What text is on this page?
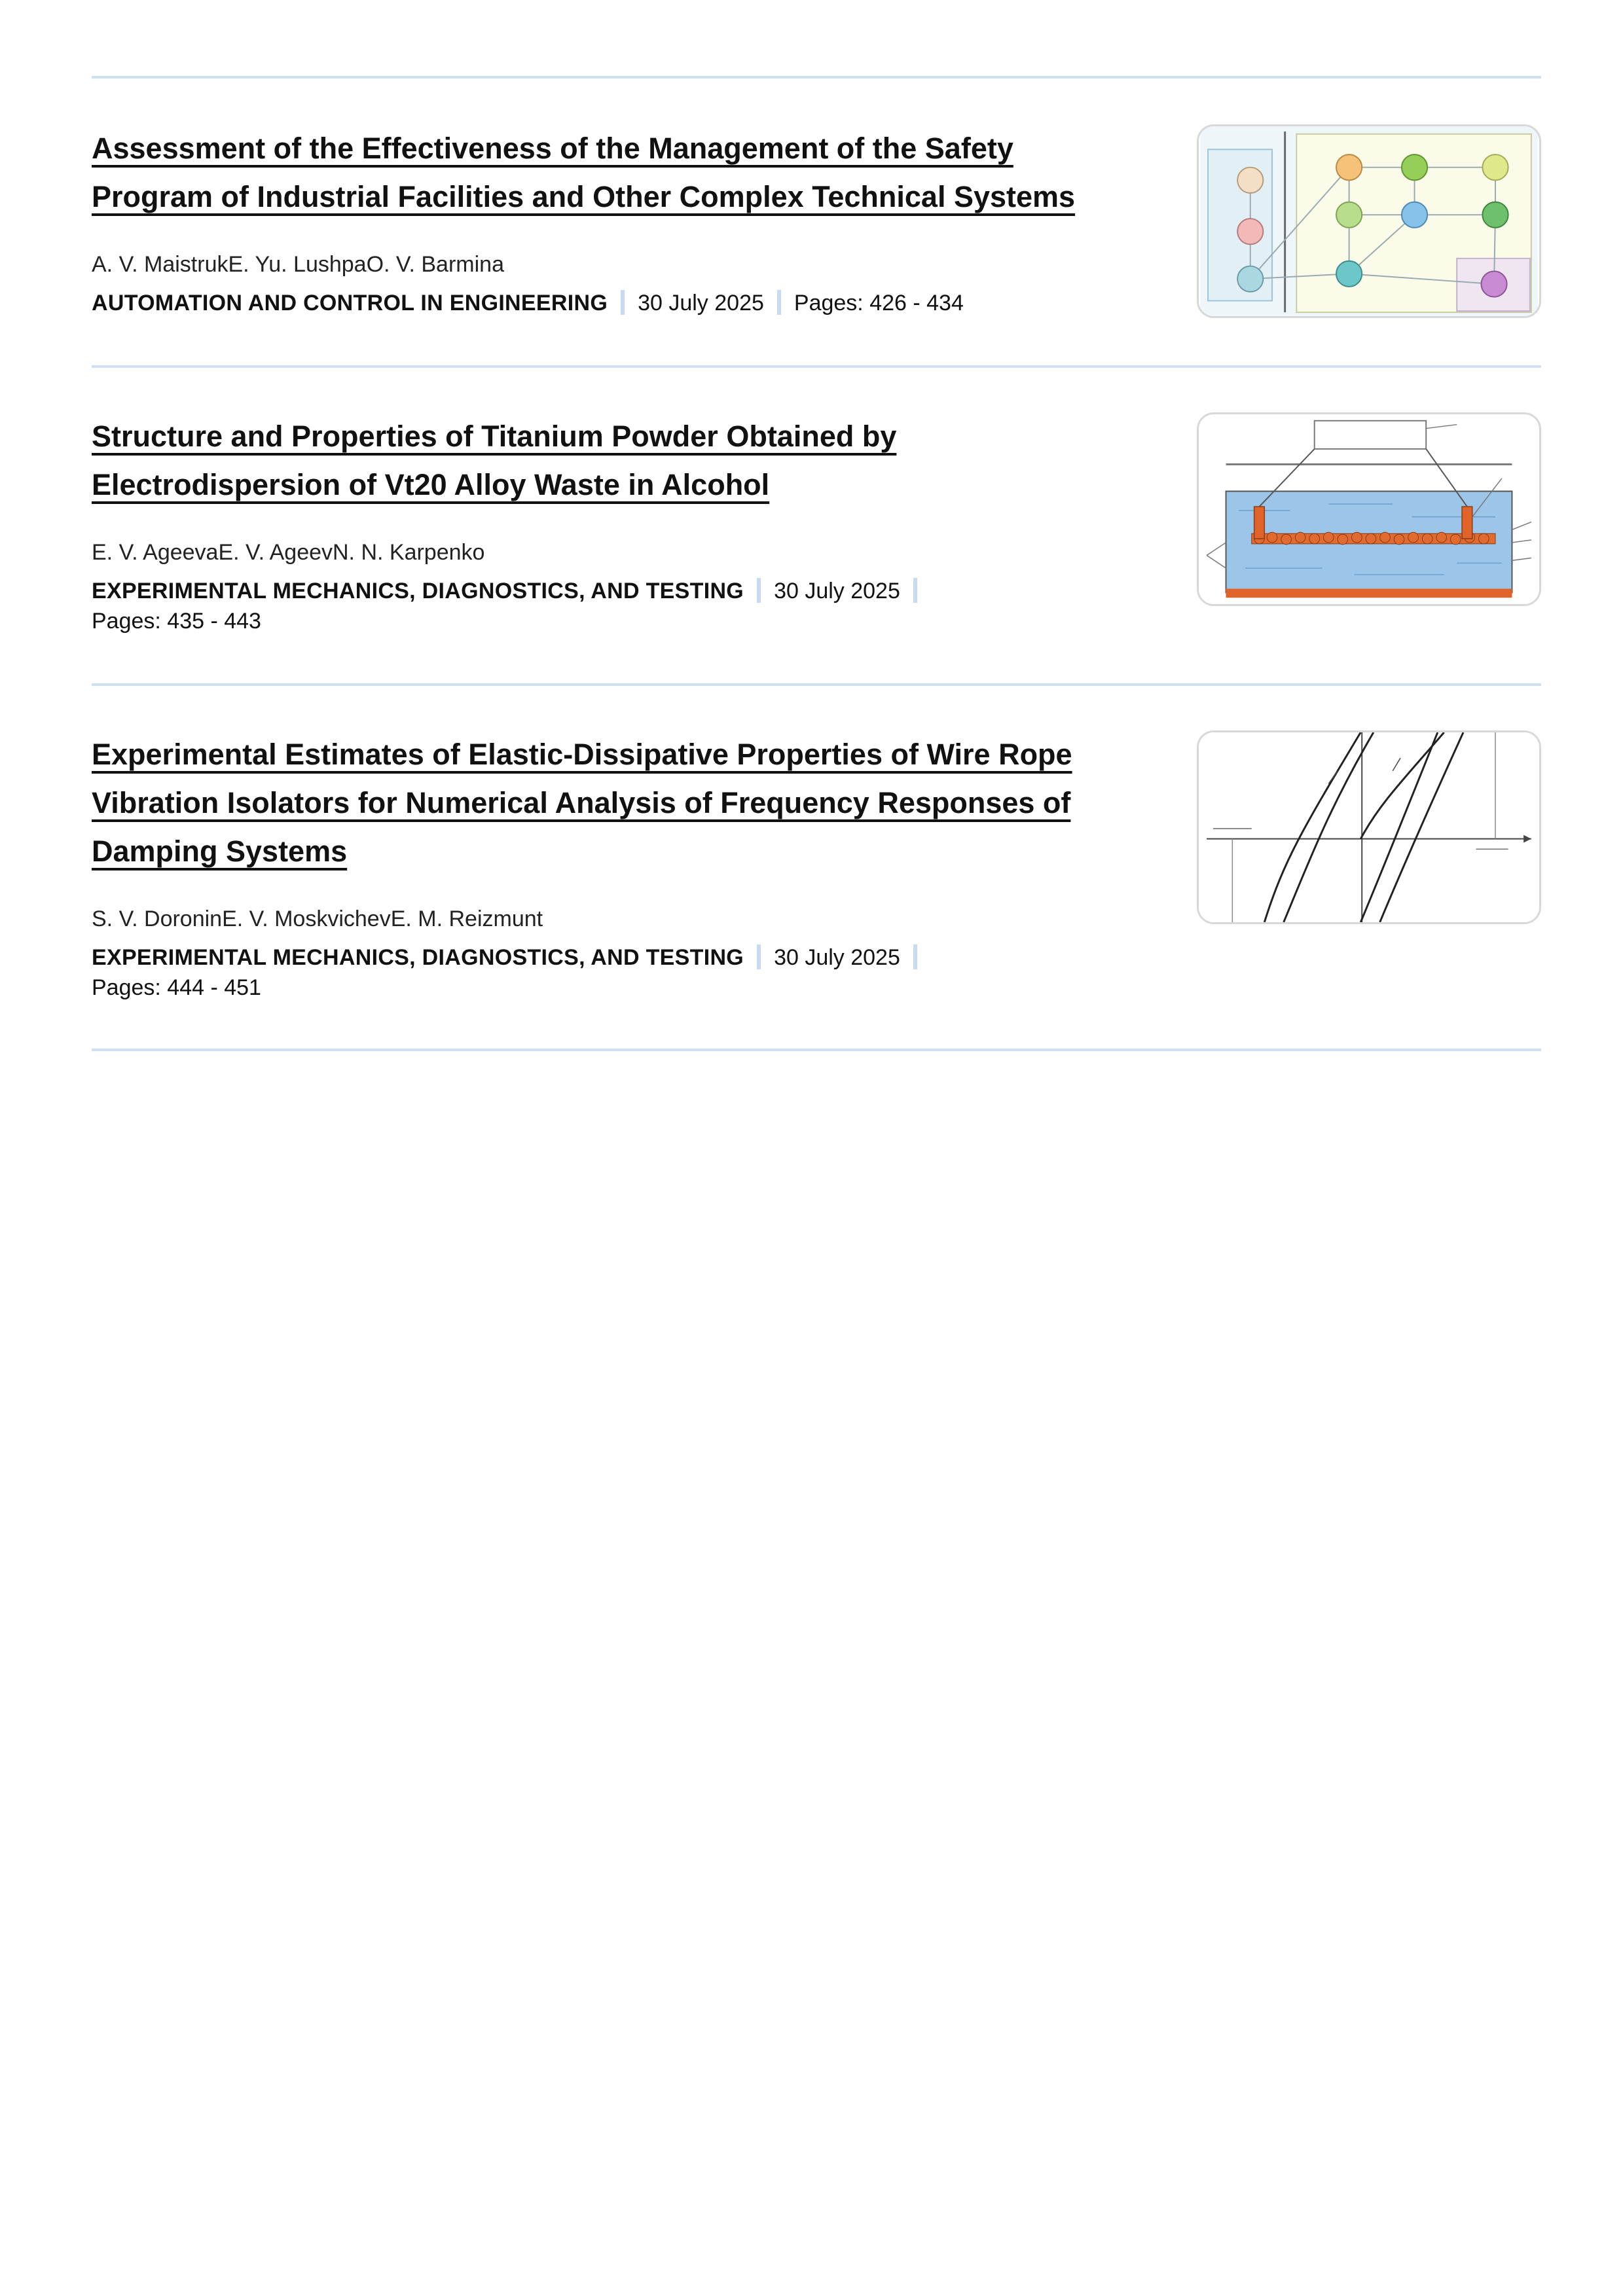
Assessment of the Effectiveness of the Management of the Safety Program of Industrial Facilities and Other Complex Technical Systems
A. V. MaistrukE. Yu. LushpaO. V. Barmina
AUTOMATION AND CONTROL IN ENGINEERING 30 July 2025 Pages: 426 - 434
Structure and Properties of Titanium Powder Obtained by Electrodispersion of Vt20 Alloy Waste in Alcohol
E. V. AgeevaE. V. AgeevN. N. Karpenko
EXPERIMENTAL MECHANICS, DIAGNOSTICS, AND TESTING 30 July 2025
Pages: 435 - 443
Experimental Estimates of Elastic-Dissipative Properties of Wire Rope Vibration Isolators for Numerical Analysis of Frequency Responses of Damping Systems
S. V. DoroninE. V. MoskvichevE. M. Reizmunt
EXPERIMENTAL MECHANICS, DIAGNOSTICS, AND TESTING 30 July 2025
Pages: 444 - 451
